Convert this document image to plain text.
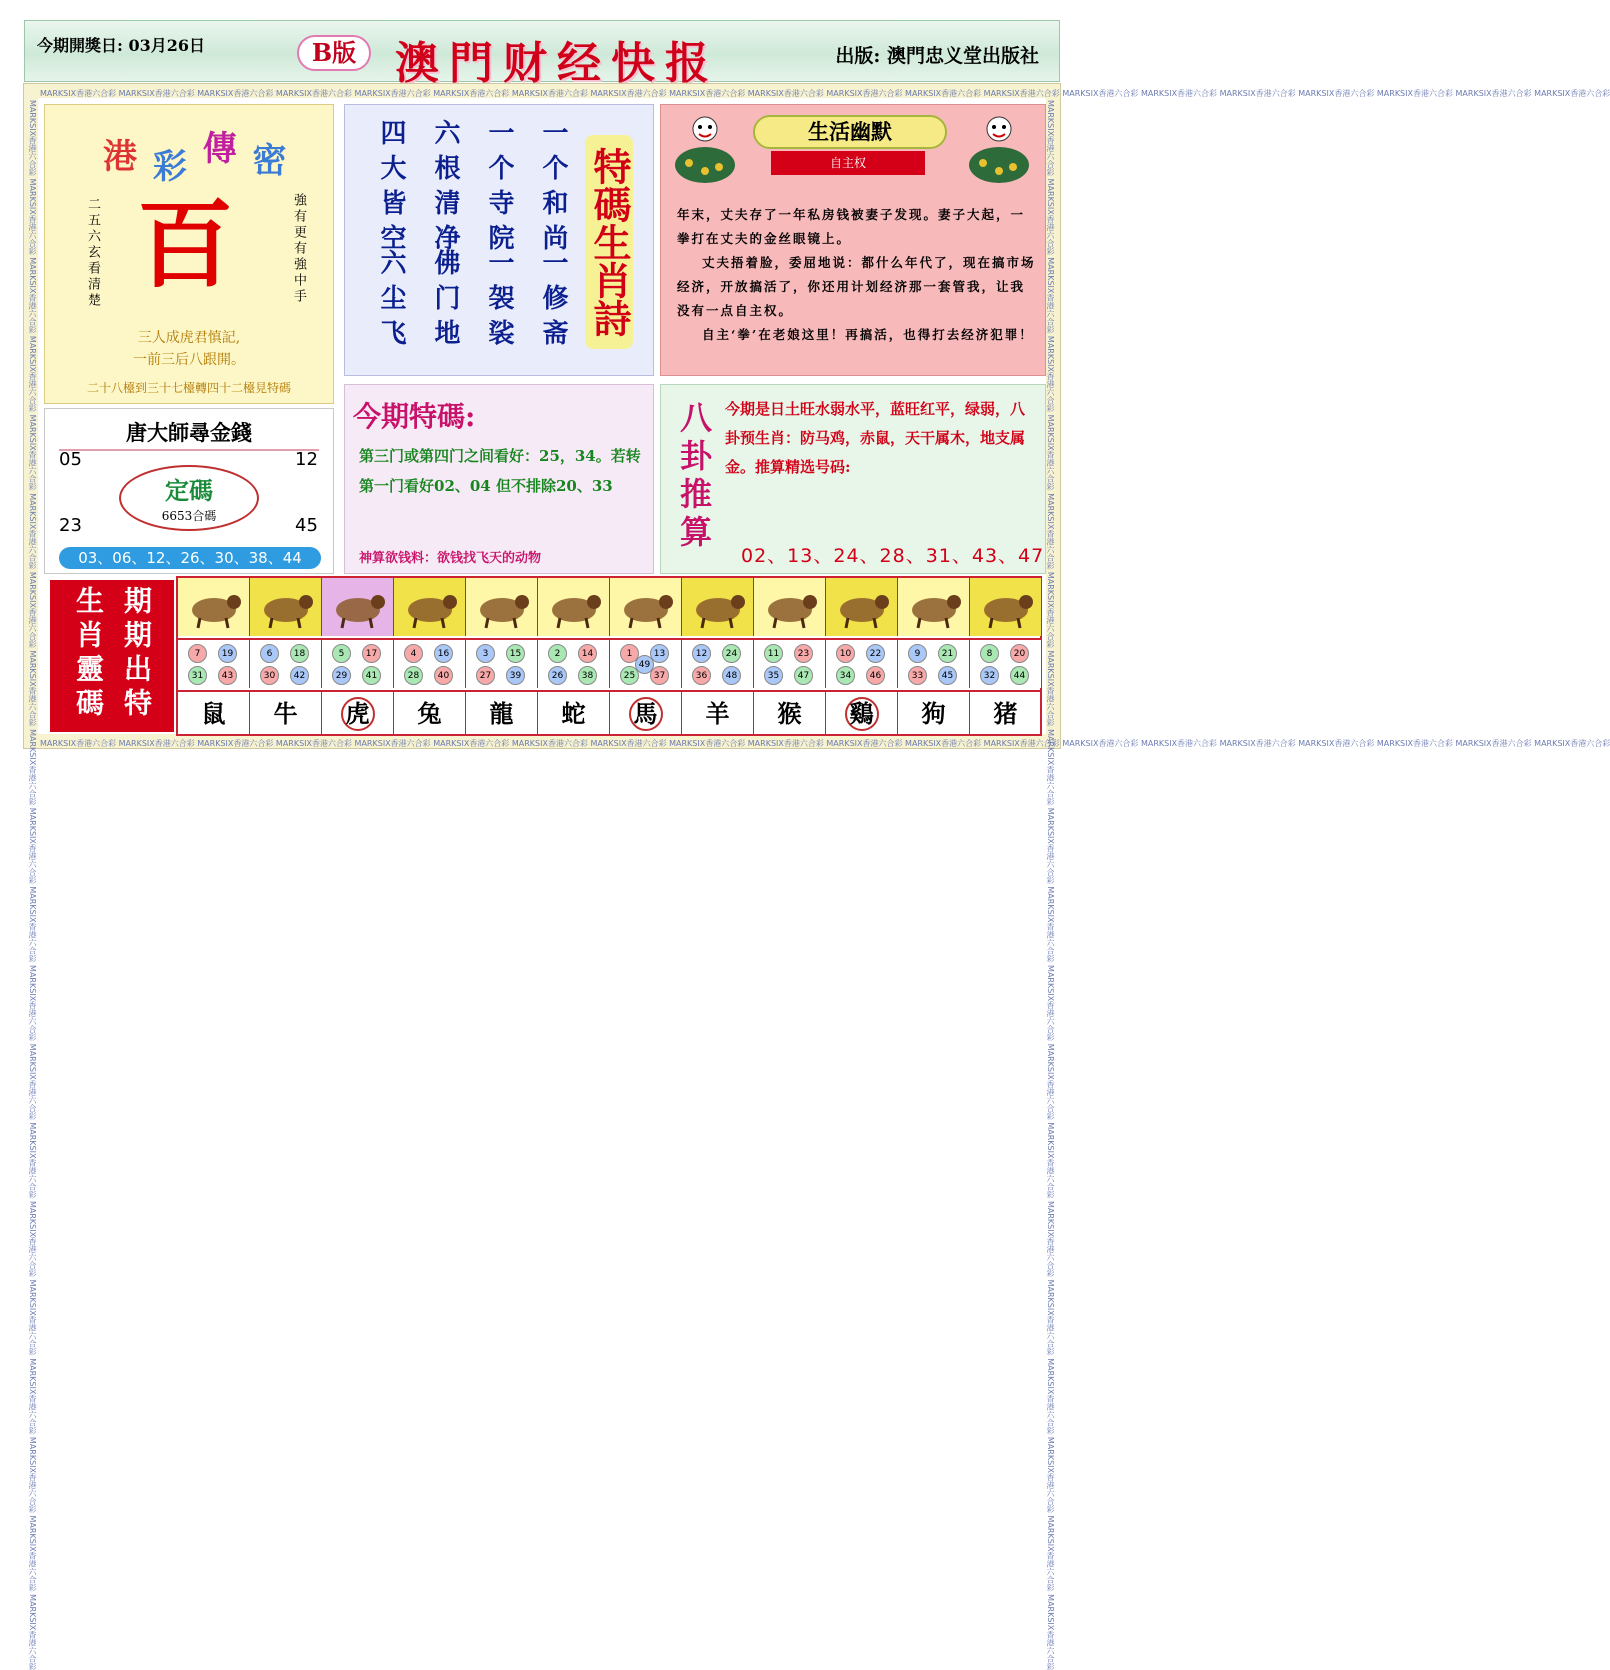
今期開獎日: 03月26日	B版 澳門财经快报	出版: 澳門忠义堂出版社
MARKSIX香港六合彩 MARKSIX香港六合彩 MARKSIX香港六合彩 MARKSIX香港六合彩 MARKSIX香港六合彩 MARKSIX香港六合彩 MARKSIX香港六合彩 MARKSIX香港六合彩 MARKSIX香港六合彩 MARKSIX香港六合彩 MARKSIX香港六合彩 MARKSIX香港六合彩 MARKSIX香港六合彩 MARKSIX香港六合彩 MARKSIX香港六合彩 MARKSIX香港六合彩 MARKSIX香港六合彩 MARKSIX香港六合彩 MARKSIX香港六合彩 MARKSIX香港六合彩
MARKSIX香港六合彩 MARKSIX香港六合彩 MARKSIX香港六合彩 MARKSIX香港六合彩 MARKSIX香港六合彩 MARKSIX香港六合彩 MARKSIX香港六合彩 MARKSIX香港六合彩 MARKSIX香港六合彩 MARKSIX香港六合彩 MARKSIX香港六合彩 MARKSIX香港六合彩 MARKSIX香港六合彩 MARKSIX香港六合彩 MARKSIX香港六合彩 MARKSIX香港六合彩 MARKSIX香港六合彩 MARKSIX香港六合彩 MARKSIX香港六合彩 MARKSIX香港六合彩
MARKSIX香港六合彩 MARKSIX香港六合彩 MARKSIX香港六合彩 MARKSIX香港六合彩 MARKSIX香港六合彩 MARKSIX香港六合彩 MARKSIX香港六合彩 MARKSIX香港六合彩 MARKSIX香港六合彩 MARKSIX香港六合彩 MARKSIX香港六合彩 MARKSIX香港六合彩 MARKSIX香港六合彩 MARKSIX香港六合彩 MARKSIX香港六合彩 MARKSIX香港六合彩 MARKSIX香港六合彩 MARKSIX香港六合彩 MARKSIX香港六合彩 MARKSIX香港六合彩	MARKSIX香港六合彩 MARKSIX香港六合彩 MARKSIX香港六合彩 MARKSIX香港六合彩 MARKSIX香港六合彩 MARKSIX香港六合彩 MARKSIX香港六合彩 MARKSIX香港六合彩 MARKSIX香港六合彩 MARKSIX香港六合彩 MARKSIX香港六合彩 MARKSIX香港六合彩 MARKSIX香港六合彩 MARKSIX香港六合彩 MARKSIX香港六合彩 MARKSIX香港六合彩 MARKSIX香港六合彩 MARKSIX香港六合彩 MARKSIX香港六合彩 MARKSIX香港六合彩
港 彩 傳 密
二五六玄看清楚	強有更有強中手
百
三人成虎君慎記,
一前三后八跟開。
二十八檯到三十七檯轉四十二檯見特碼
唐大師尋金錢
05	12
23	45
定碼
6653合碼
03、06、12、26、30、38、44
一个和尚
一个寺院
六根清净
四大皆空
一修斋
一袈裟
佛门地
六尘飞	特碼生肖詩
今期特碼:
第三门或第四门之间看好：25，34。若转第一门看好02、04 但不排除20、33
神算欲钱料：欲钱找飞天的动物
生活幽默
自主权

年末，丈夫存了一年私房钱被妻子发现。妻子大起，一拳打在丈夫的金丝眼镜上。

丈夫捂着脸，委屈地说：都什么年代了，现在搞市场经济，开放搞活了，你还用计划经济那一套管我，让我没有一点自主权。

自主‘拳’在老娘这里！再搞活，也得打去经济犯罪！

八卦推算 今期是日土旺水弱水平，蓝旺红平，绿弱，八卦预生肖：防马鸡，赤鼠，天干属木，地支属金。推算精选号码:
02、13、24、28、31、43、47
期期出特
生肖靈碼	7	19
31	43
鼠
6	18
30	42
牛
5	17
29	41
虎
4	16
28	40
兔
3	15
27	39
龍
2	14
26	38
蛇
1	13
25	37
49
馬
12	24
36	48
羊
11	23
35	47
猴
10	22
34	46
鷄
9	21
33	45
狗
8	20
32	44
猪
